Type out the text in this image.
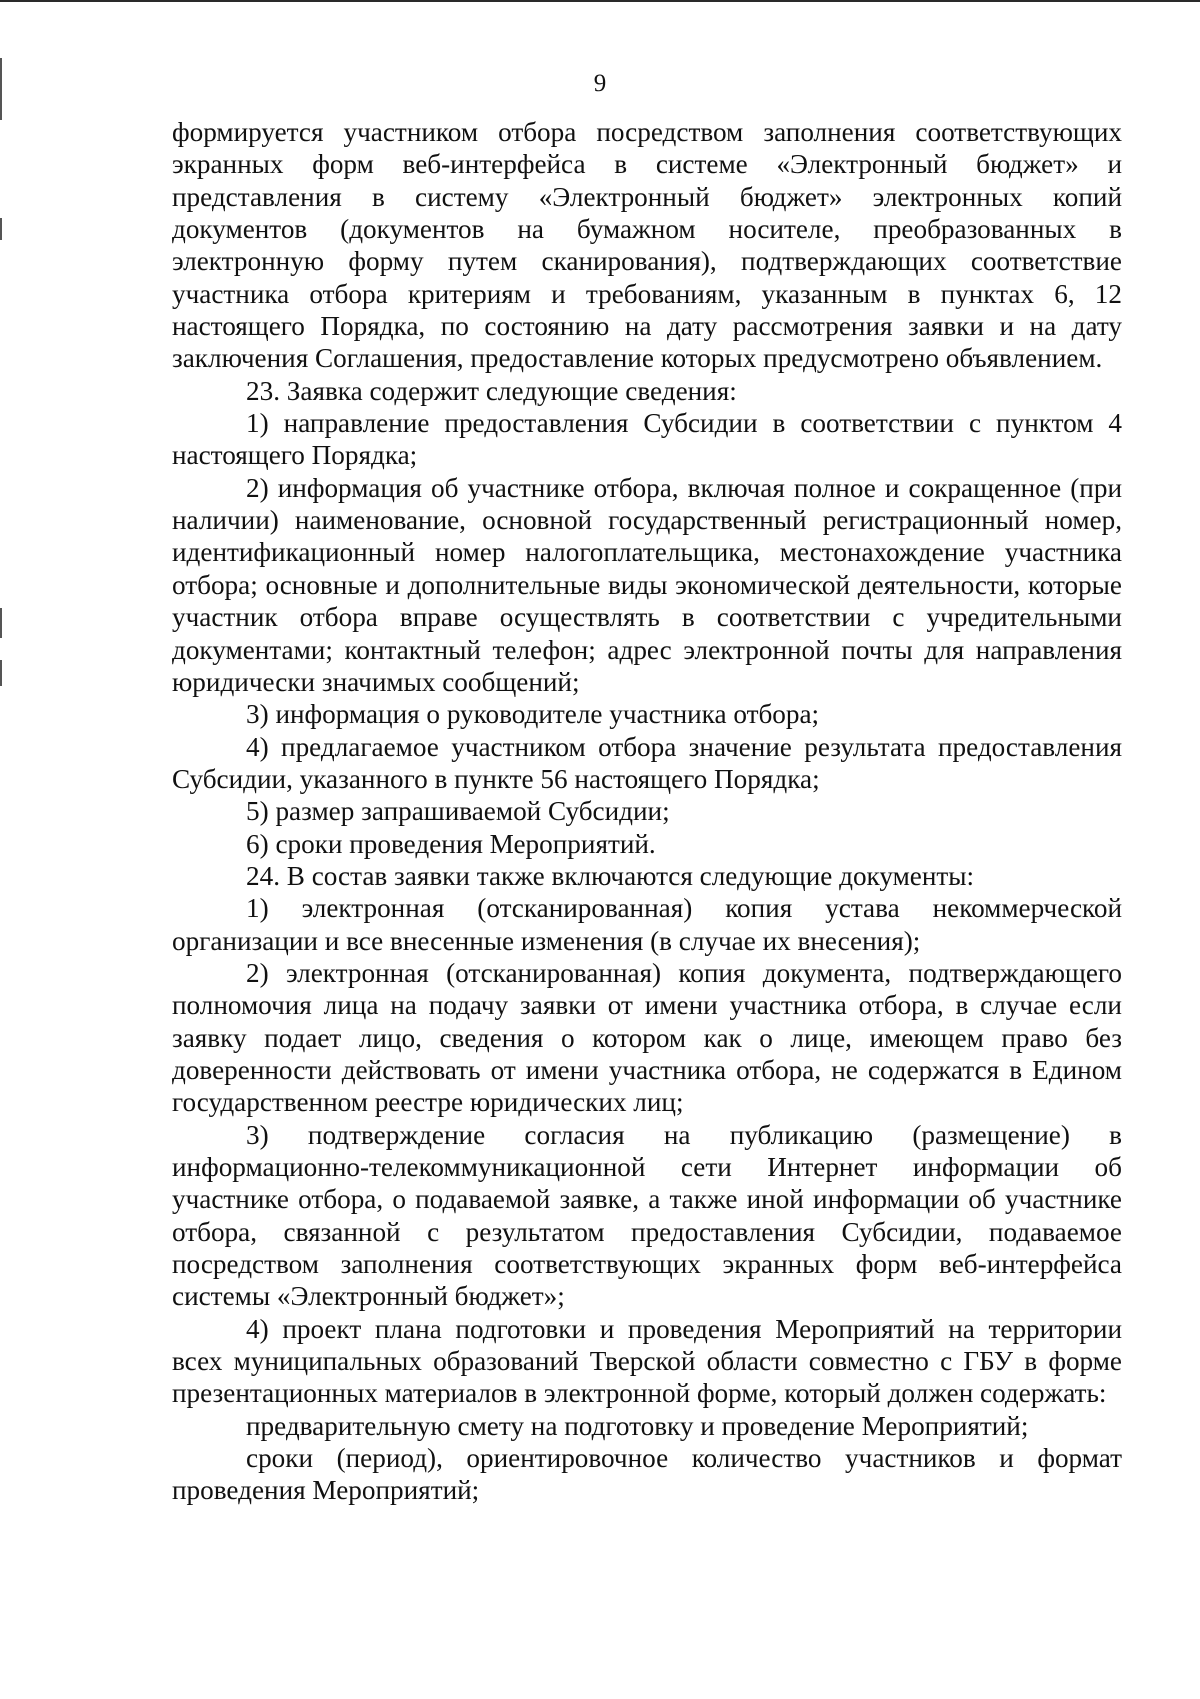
9

формируется участником отбора посредством заполнения соответствующих экранных форм веб-интерфейса в системе «Электронный бюджет» и представления в систему «Электронный бюджет» электронных копий документов (документов на бумажном носителе, преобразованных в электронную форму путем сканирования), подтверждающих соответствие участника отбора критериям и требованиям, указанным в пунктах 6, 12 настоящего Порядка, по состоянию на дату рассмотрения заявки и на дату заключения Соглашения, предоставление которых предусмотрено объявлением.

23. Заявка содержит следующие сведения:

1) направление предоставления Субсидии в соответствии с пунктом 4 настоящего Порядка;

2) информация об участнике отбора, включая полное и сокращенное (при наличии) наименование, основной государственный регистрационный номер, идентификационный номер налогоплательщика, местонахождение участника отбора; основные и дополнительные виды экономической деятельности, которые участник отбора вправе осуществлять в соответствии с учредительными документами; контактный телефон; адрес электронной почты для направления юридически значимых сообщений;

3) информация о руководителе участника отбора;

4) предлагаемое участником отбора значение результата предоставления Субсидии, указанного в пункте 56 настоящего Порядка;

5) размер запрашиваемой Субсидии;

6) сроки проведения Мероприятий.

24. В состав заявки также включаются следующие документы:

1) электронная (отсканированная) копия устава некоммерческой организации и все внесенные изменения (в случае их внесения);

2) электронная (отсканированная) копия документа, подтверждающего полномочия лица на подачу заявки от имени участника отбора, в случае если заявку подает лицо, сведения о котором как о лице, имеющем право без доверенности действовать от имени участника отбора, не содержатся в Едином государственном реестре юридических лиц;

3) подтверждение согласия на публикацию (размещение) в информационно-телекоммуникационной сети Интернет информации об участнике отбора, о подаваемой заявке, а также иной информации об участнике отбора, связанной с результатом предоставления Субсидии, подаваемое посредством заполнения соответствующих экранных форм веб-интерфейса системы «Электронный бюджет»;

4) проект плана подготовки и проведения Мероприятий на территории всех муниципальных образований Тверской области совместно с ГБУ в форме презентационных материалов в электронной форме, который должен содержать:

предварительную смету на подготовку и проведение Мероприятий;

сроки (период), ориентировочное количество участников и формат проведения Мероприятий;
